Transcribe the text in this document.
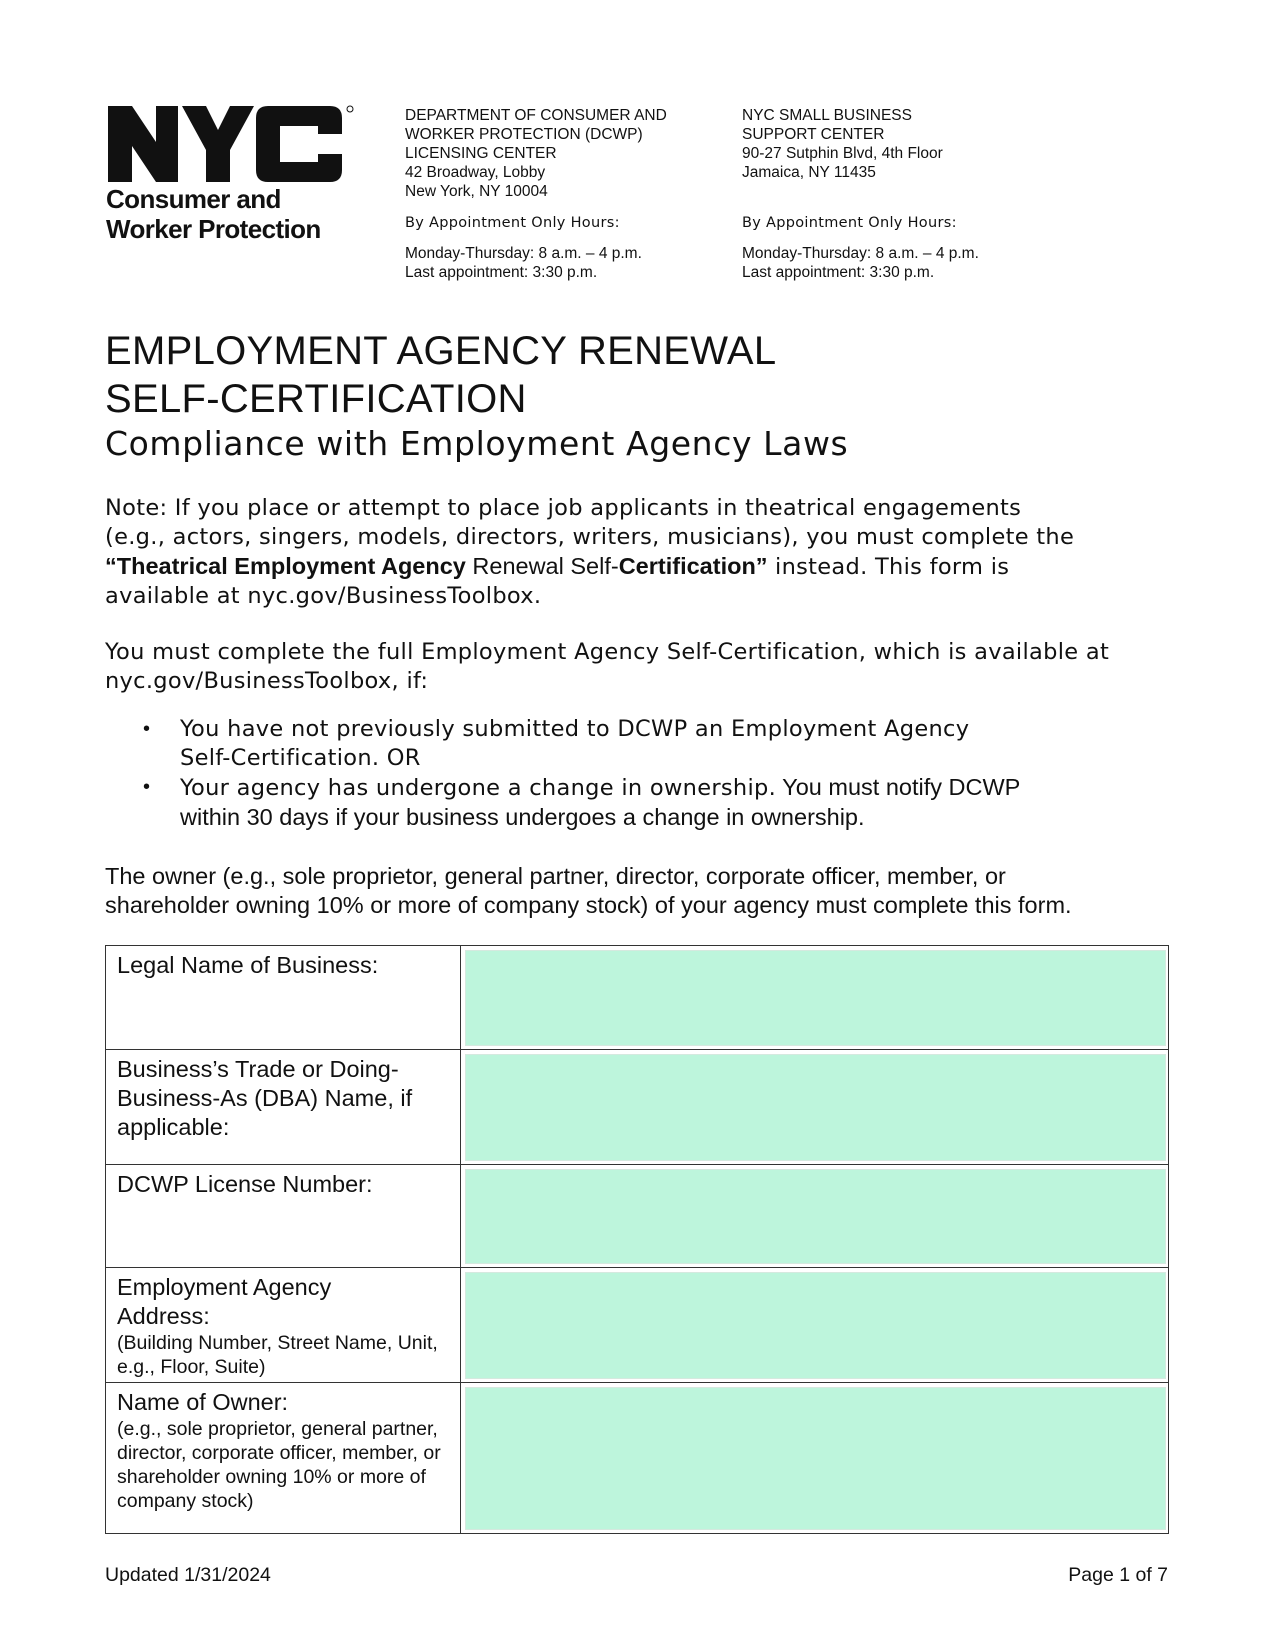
Consumer and
Worker Protection
DEPARTMENT OF CONSUMER AND
WORKER PROTECTION (DCWP)
LICENSING CENTER
42 Broadway, Lobby
New York, NY 10004
By Appointment Only Hours:
Monday-Thursday: 8 a.m. – 4 p.m.
Last appointment: 3:30 p.m.
NYC SMALL BUSINESS
SUPPORT CENTER
90-27 Sutphin Blvd, 4th Floor
Jamaica, NY 11435
By Appointment Only Hours:
Monday-Thursday: 8 a.m. – 4 p.m.
Last appointment: 3:30 p.m.
EMPLOYMENT AGENCY RENEWAL
SELF-CERTIFICATION
Compliance with Employment Agency Laws
Note: If you place or attempt to place job applicants in theatrical engagements
(e.g., actors, singers, models, directors, writers, musicians), you must complete the
“Theatrical Employment Agency Renewal Self-Certification” instead. This form is
available at nyc.gov/BusinessToolbox.
You must complete the full Employment Agency Self-Certification, which is available at
nyc.gov/BusinessToolbox, if:
• You have not previously submitted to DCWP an Employment Agency
Self-Certification. OR
• Your agency has undergone a change in ownership. You must notify DCWP
within 30 days if your business undergoes a change in ownership.
The owner (e.g., sole proprietor, general partner, director, corporate officer, member, or
shareholder owning 10% or more of company stock) of your agency must complete this form.
Legal Name of Business:	

Business’s Trade or Doing-Business-As (DBA) Name, if applicable:	

DCWP License Number:	

Employment Agency Address:
(Building Number, Street Name, Unit, e.g., Floor, Suite)	

Name of Owner:
(e.g., sole proprietor, general partner, director, corporate officer, member, or shareholder owning 10% or more of company stock)	

Updated 1/31/2024	Page 1 of 7
